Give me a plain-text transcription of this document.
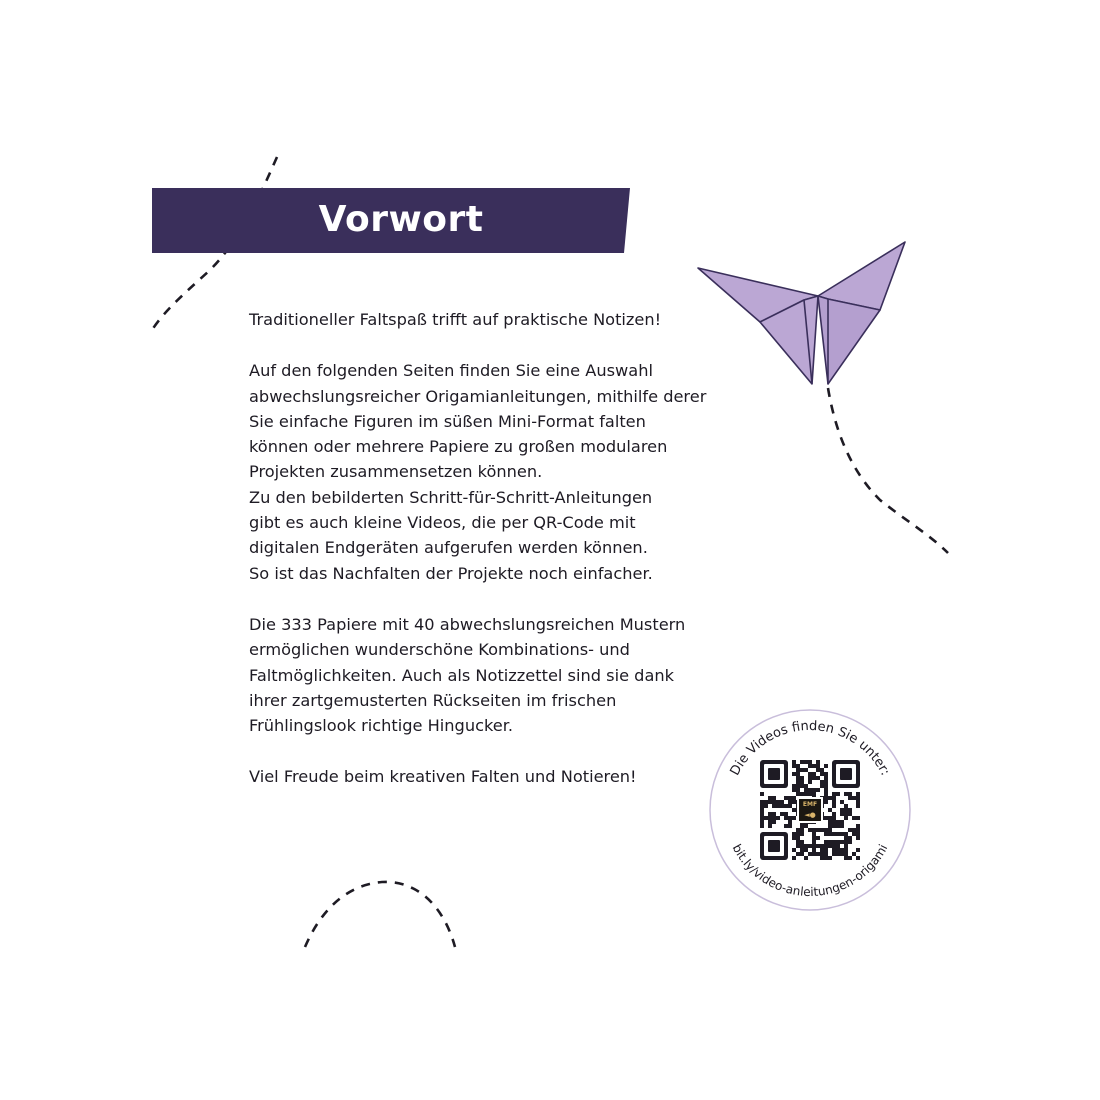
Vorwort

Traditioneller Faltspaß trifft auf praktische Notizen!

Auf den folgenden Seiten finden Sie eine Auswahl
abwechslungsreicher Origamianleitungen, mithilfe derer
Sie einfache Figuren im süßen Mini-Format falten
können oder mehrere Papiere zu großen modularen
Projekten zusammensetzen können.
Zu den bebilderten Schritt-für-Schritt-Anleitungen
gibt es auch kleine Videos, die per QR-Code mit
digitalen Endgeräten aufgerufen werden können.
So ist das Nachfalten der Projekte noch einfacher.

Die 333 Papiere mit 40 abwechslungsreichen Mustern
ermöglichen wunderschöne Kombinations- und
Faltmöglichkeiten. Auch als Notizzettel sind sie dank
ihrer zartgemusterten Rückseiten im frischen
Frühlingslook richtige Hingucker.

Viel Freude beim kreativen Falten und Notieren!	Die Videos finden Sie unter:
bit.ly/video-anleitungen-origami
EMF
◄●
